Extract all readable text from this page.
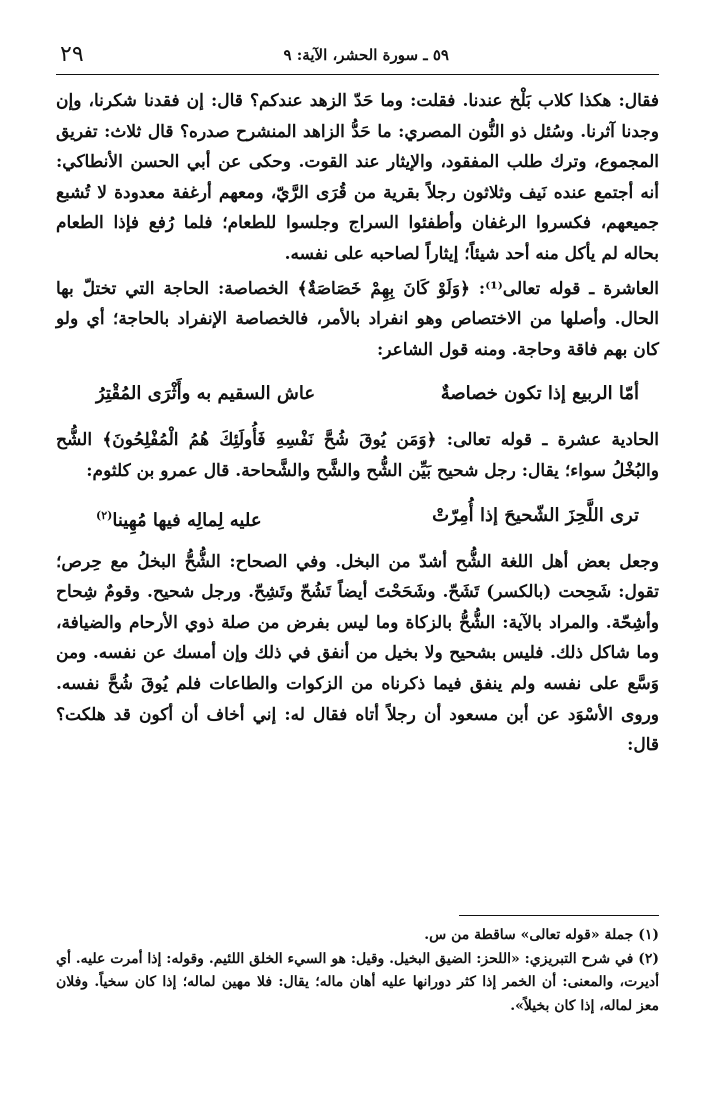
٥٩ ـ سورة الحشر، الآية: ٩
٢٩

فقال: هكذا كلاب بَلْخ عندنا. فقلت: وما حَدّ الزهد عندكم؟ قال: إن فقدنا شكرنا، وإن وجدنا آثرنا. وسُئل ذو النُّون المصري: ما حَدُّ الزاهد المنشرح صدره؟ قال ثلاث: تفريق المجموع، وترك طلب المفقود، والإيثار عند القوت. وحكى عن أبي الحسن الأنطاكي: أنه أجتمع عنده نَيف وثلاثون رجلاً بقرية من قُرَى الرَّيّ، ومعهم أرغفة معدودة لا تُشبع جميعهم، فكسروا الرغفان وأطفئوا السراج وجلسوا للطعام؛ فلما رُفع فإذا الطعام بحاله لم يأكل منه أحد شيئاً؛ إيثاراً لصاحبه على نفسه.

العاشرة ـ قوله تعالى⁽¹⁾: ﴿وَلَوْ كَانَ بِهِمْ خَصَاصَةٌ﴾ الخصاصة: الحاجة التي تختلّ بها الحال. وأصلها من الاختصاص وهو انفراد بالأمر، فالخصاصة الإنفراد بالحاجة؛ أي ولو كان بهم فاقة وحاجة. ومنه قول الشاعر:

أمّا الربيع إذا تكون خصاصةٌ
عاش السقيم به وأَثْرَى المُقْتِرُ

الحادية عشرة ـ قوله تعالى: ﴿وَمَن يُوقَ شُحَّ نَفْسِهِ فَأُولَئِكَ هُمُ الْمُفْلِحُونَ﴾ الشُّح والبُخْلُ سواء؛ يقال: رجل شحيح بَيِّن الشُّح والشَّح والشَّحاحة. قال عمرو بن كلثوم:

ترى اللَّحِزَ الشّحيحَ إذا أُمِرّتْ
عليه لِمالِه فيها مُهِينا$^{(٢)}$

وجعل بعض أهل اللغة الشُّح أشدّ من البخل. وفي الصحاح: الشُّحُّ البخلُ مع حِرص؛ تقول: شَحِحت (بالكسر) تَشَحّ. وشَحَحْتَ أيضاً تَشُحّ وتَشِحّ. ورجل شحيح. وقومٌ شِحاح وأشِحّة. والمراد بالآية: الشُّحُّ بالزكاة وما ليس بفرض من صلة ذوي الأرحام والضيافة، وما شاكل ذلك. فليس بشحيح ولا بخيل من أنفق في ذلك وإن أمسك عن نفسه. ومن وَسَّع على نفسه ولم ينفق فيما ذكرناه من الزكوات والطاعات فلم يُوقَ شُحَّ نفسه. وروى الأسْوَد عن أبن مسعود أن رجلاً أتاه فقال له: إني أخاف أن أكون قد هلكت؟ قال:

(١) جملة «قوله تعالى» ساقطة من س.

(٢) في شرح التبريزي: «اللحز: الضيق البخيل. وقيل: هو السيء الخلق اللئيم. وقوله: إذا أمرت عليه. أي أديرت، والمعنى: أن الخمر إذا كثر دورانها عليه أهان ماله؛ يقال: فلا مهين لماله؛ إذا كان سخياً. وفلان معز لماله، إذا كان بخيلاً».
